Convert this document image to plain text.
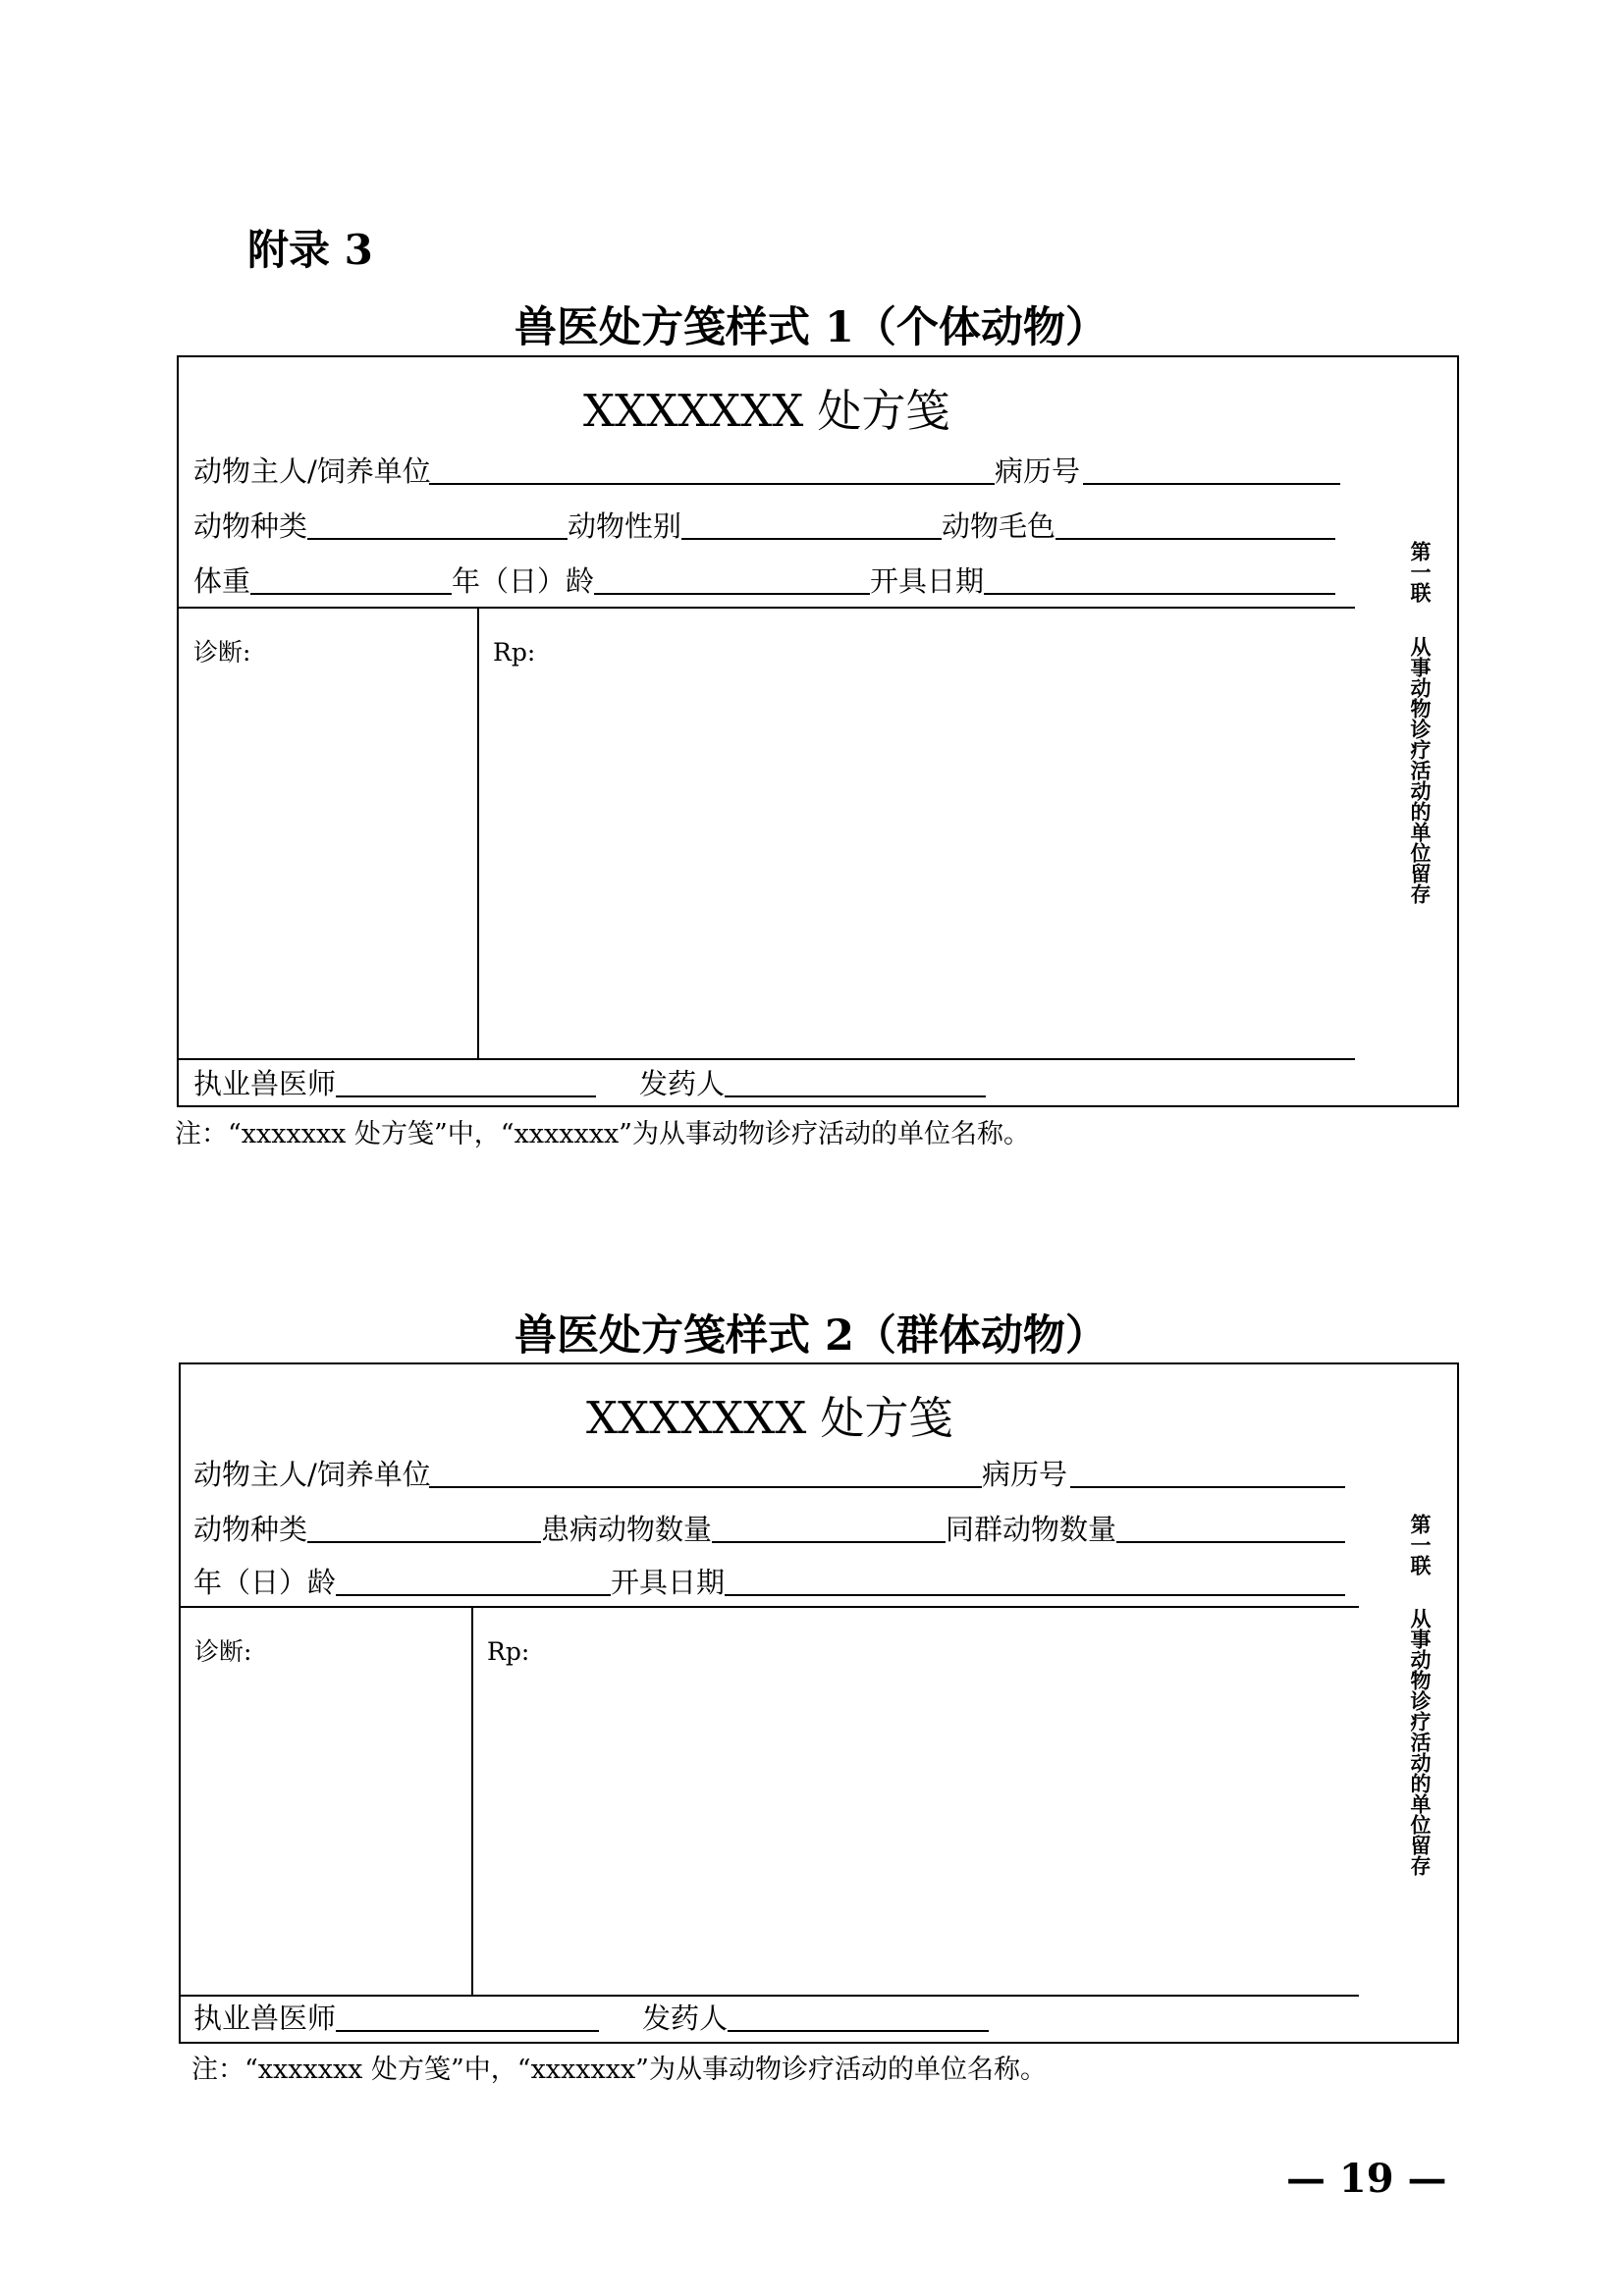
附录 3
兽医处方笺样式 1（个体动物）
XXXXXXX 处方笺
动物主人/饲养单位	病历号
动物种类	动物性别	动物毛色
体重	年（日）龄	开具日期
诊断:	Rp:
执业兽医师	发药人
第一联
从事动物诊疗活动的单位留存
注：“xxxxxxx 处方笺”中，“xxxxxxx”为从事动物诊疗活动的单位名称。
兽医处方笺样式 2（群体动物）
XXXXXXX 处方笺
动物主人/饲养单位	病历号
动物种类	患病动物数量	同群动物数量
年（日）龄	开具日期
诊断:	Rp:
执业兽医师	发药人
第一联
从事动物诊疗活动的单位留存
注：“xxxxxxx 处方笺”中，“xxxxxxx”为从事动物诊疗活动的单位名称。
— 19 —
